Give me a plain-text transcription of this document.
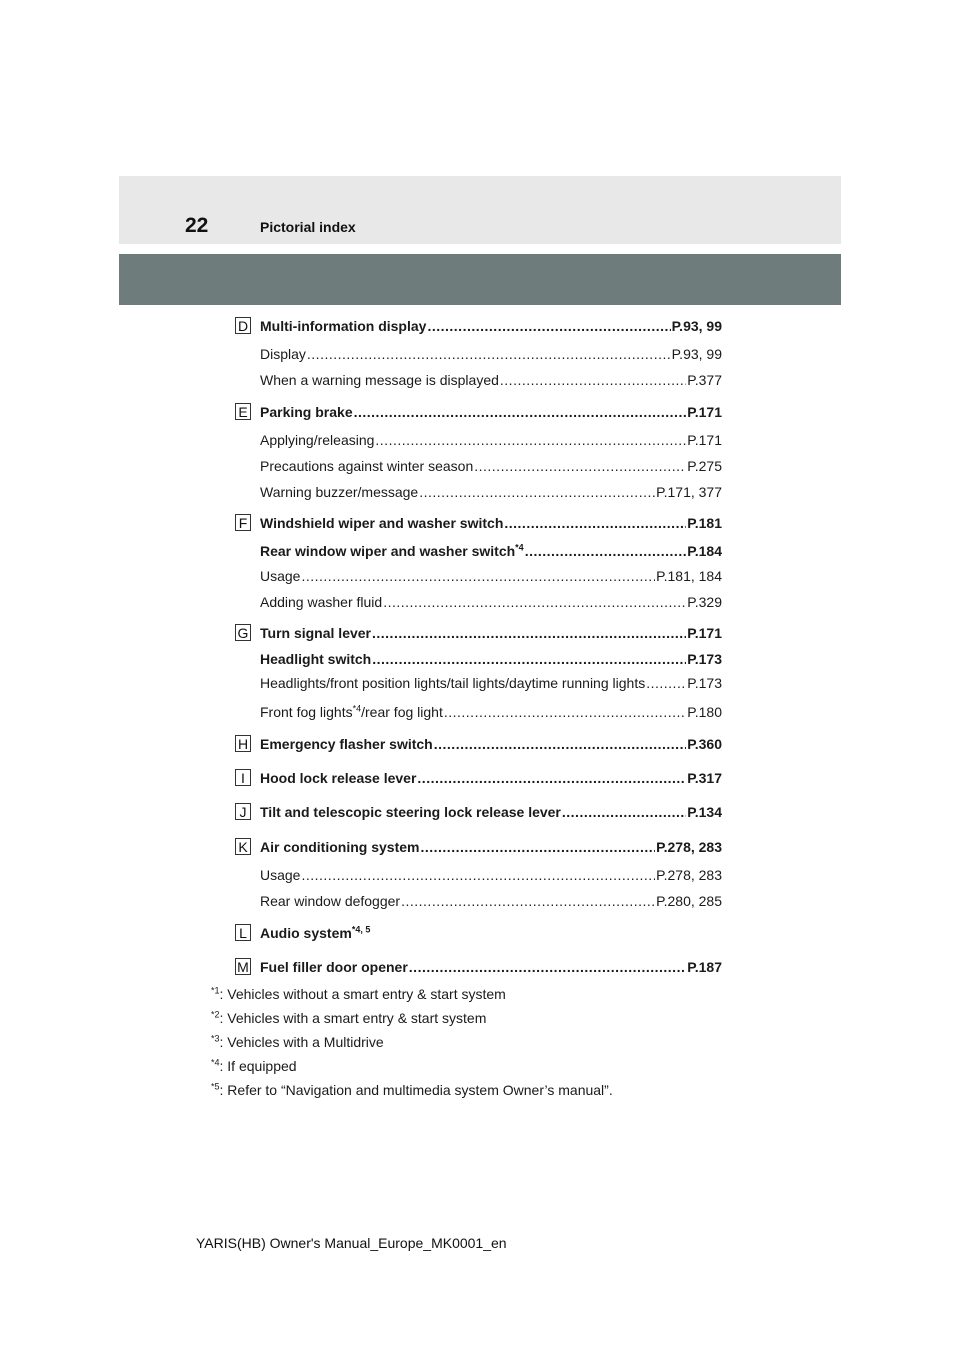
22	Pictorial index
D Multi-information display .....	P.93, 99
Display .....	P.93, 99
When a warning message is displayed .....	P.377
E Parking brake .....	P.171
Applying/releasing .....	P.171
Precautions against winter season .....	P.275
Warning buzzer/message .....	P.171, 377
F Windshield wiper and washer switch .....	P.181
Rear window wiper and washer switch$^{*4}$ .....	P.184
Usage .....	P.181, 184
Adding washer fluid .....	P.329
G Turn signal lever .....	P.171
Headlight switch .....	P.173
Headlights/front position lights/tail lights/daytime running lights .....	P.173
Front fog lights$^{*4}$/rear fog light .....	P.180
H Emergency flasher switch .....	P.360
I	Hood lock release lever .....	P.317
J Tilt and telescopic steering lock release lever .....	P.134
K Air conditioning system .....	P.278, 283
Usage .....	P.278, 283
Rear window defogger .....	P.280, 285
L Audio system$^{*4, 5}$
M Fuel filler door opener .....	P.187
$^{*1}$: Vehicles without a smart entry & start system
$^{*2}$: Vehicles with a smart entry & start system
$^{*3}$: Vehicles with a Multidrive
$^{*4}$: If equipped
$^{*5}$: Refer to “Navigation and multimedia system Owner’s manual”.
YARIS(HB) Owner's Manual_Europe_MK0001_en
